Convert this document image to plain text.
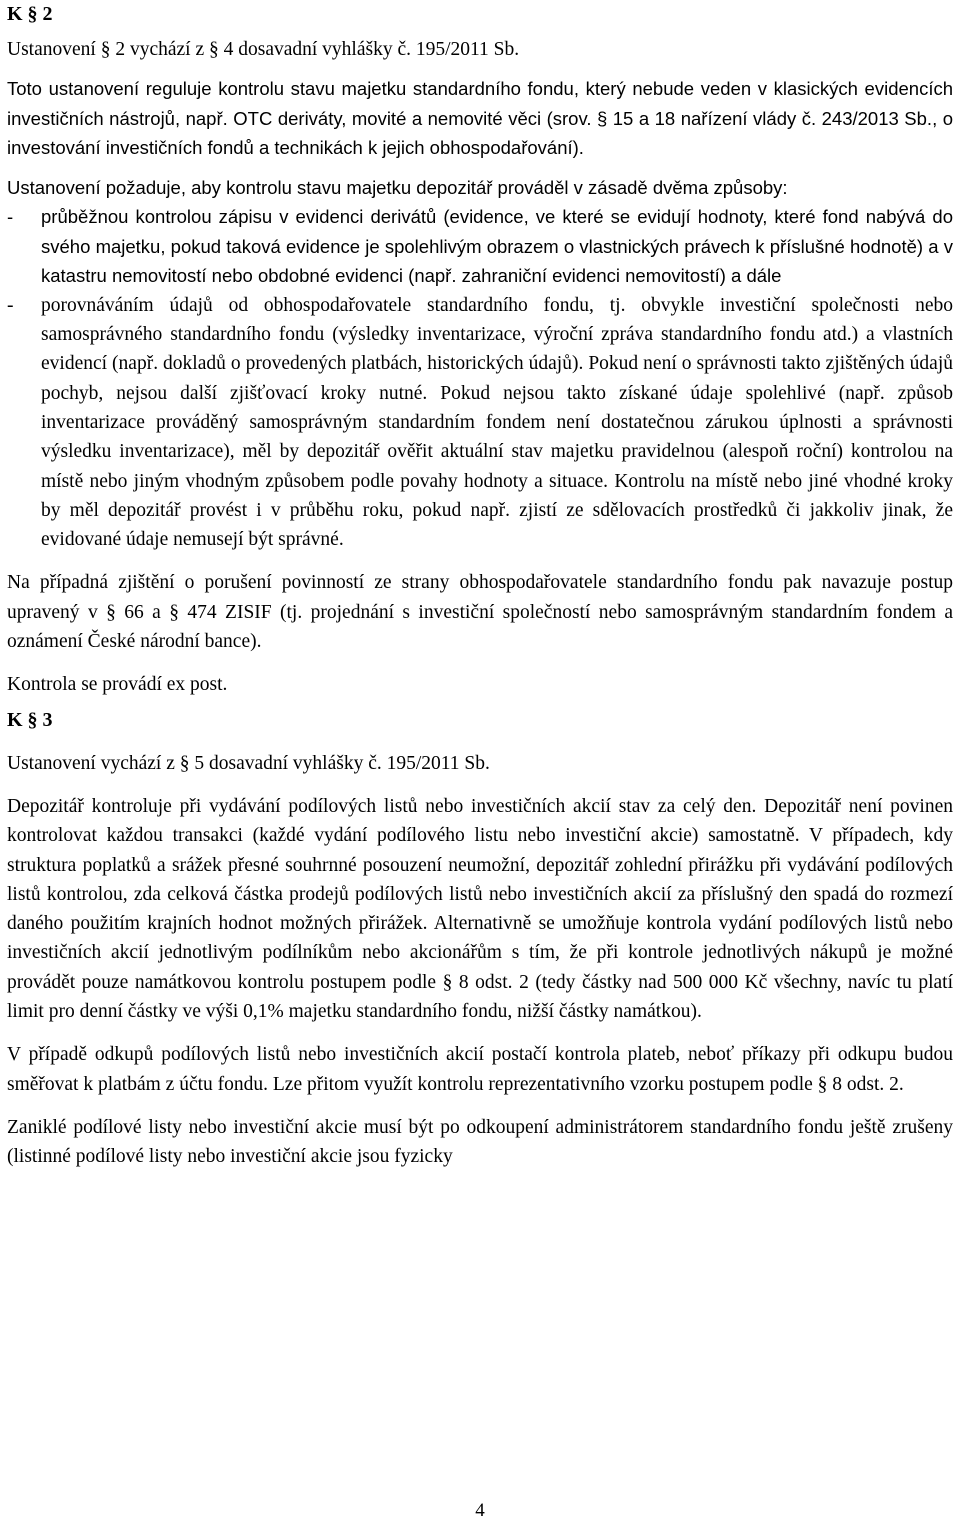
K § 2

Ustanovení § 2 vychází z § 4 dosavadní vyhlášky č. 195/2011 Sb.

Toto ustanovení reguluje kontrolu stavu majetku standardního fondu, který nebude veden v klasických evidencích investičních nástrojů, např. OTC deriváty, movité a nemovité věci (srov. § 15 a 18 nařízení vlády č. 243/2013 Sb., o investování investičních fondů a technikách k jejich obhospodařování).

Ustanovení požaduje, aby kontrolu stavu majetku depozitář prováděl v zásadě dvěma způsoby:

- průběžnou kontrolou zápisu v evidenci derivátů (evidence, ve které se evidují hodnoty, které fond nabývá do svého majetku, pokud taková evidence je spolehlivým obrazem o vlastnických právech k příslušné hodnotě) a v katastru nemovitostí nebo obdobné evidenci (např. zahraniční evidenci nemovitostí) a dále
- porovnáváním údajů od obhospodařovatele standardního fondu, tj. obvykle investiční společnosti nebo samosprávného standardního fondu (výsledky inventarizace, výroční zpráva standardního fondu atd.) a vlastních evidencí (např. dokladů o provedených platbách, historických údajů). Pokud není o správnosti takto zjištěných údajů pochyb, nejsou další zjišťovací kroky nutné. Pokud nejsou takto získané údaje spolehlivé (např. způsob inventarizace prováděný samosprávným standardním fondem není dostatečnou zárukou úplnosti a správnosti výsledku inventarizace), měl by depozitář ověřit aktuální stav majetku pravidelnou (alespoň roční) kontrolou na místě nebo jiným vhodným způsobem podle povahy hodnoty a situace. Kontrolu na místě nebo jiné vhodné kroky by měl depozitář provést i v průběhu roku, pokud např. zjistí ze sdělovacích prostředků či jakkoliv jinak, že evidované údaje nemusejí být správné.

Na případná zjištění o porušení povinností ze strany obhospodařovatele standardního fondu pak navazuje postup upravený v § 66 a § 474 ZISIF (tj. projednání s investiční společností nebo samosprávným standardním fondem a oznámení České národní bance).

Kontrola se provádí ex post.

K § 3

Ustanovení vychází z § 5 dosavadní vyhlášky č. 195/2011 Sb.

Depozitář kontroluje při vydávání podílových listů nebo investičních akcií stav za celý den. Depozitář není povinen kontrolovat každou transakci (každé vydání podílového listu nebo investiční akcie) samostatně. V případech, kdy struktura poplatků a srážek přesné souhrnné posouzení neumožní, depozitář zohlední přirážku při vydávání podílových listů kontrolou, zda celková částka prodejů podílových listů nebo investičních akcií za příslušný den spadá do rozmezí daného použitím krajních hodnot možných přirážek. Alternativně se umožňuje kontrola vydání podílových listů nebo investičních akcií jednotlivým podílníkům nebo akcionářům s tím, že při kontrole jednotlivých nákupů je možné provádět pouze namátkovou kontrolu postupem podle § 8 odst. 2 (tedy částky nad 500 000 Kč všechny, navíc tu platí limit pro denní částky ve výši 0,1% majetku standardního fondu, nižší částky namátkou).

V případě odkupů podílových listů nebo investičních akcií postačí kontrola plateb, neboť příkazy při odkupu budou směřovat k platbám z účtu fondu. Lze přitom využít kontrolu reprezentativního vzorku postupem podle § 8 odst. 2.

Zaniklé podílové listy nebo investiční akcie musí být po odkoupení administrátorem standardního fondu ještě zrušeny (listinné podílové listy nebo investiční akcie jsou fyzicky

4
